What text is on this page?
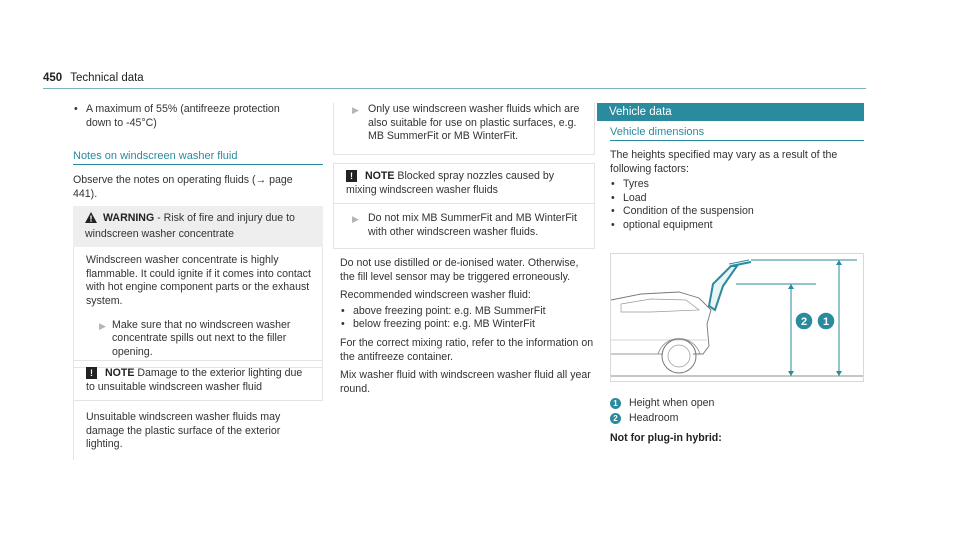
450 Technical data
• A maximum of 55% (antifreeze protection down to -45°C)
Notes on windscreen washer fluid

Observe the notes on operating fluids (→ page 441).

WARNING - Risk of fire and injury due to windscreen washer concentrate

Windscreen washer concentrate is highly flammable. It could ignite if it comes into contact with hot engine component parts or the exhaust system.

▶ Make sure that no windscreen washer concentrate spills out next to the filler opening.
! NOTE Damage to the exterior lighting due to unsuitable windscreen washer fluid

Unsuitable windscreen washer fluids may damage the plastic surface of the exterior lighting.

▶ Only use windscreen washer fluids which are also suitable for use on plastic surfaces, e.g. MB SummerFit or MB WinterFit.
! NOTE Blocked spray nozzles caused by mixing windscreen washer fluids
▶ Do not mix MB SummerFit and MB WinterFit with other windscreen washer fluids.

Do not use distilled or de-ionised water. Otherwise, the fill level sensor may be triggered erroneously.

Recommended windscreen washer fluid:

• above freezing point: e.g. MB SummerFit
• below freezing point: e.g. MB WinterFit

For the correct mixing ratio, refer to the information on the antifreeze container.

Mix washer fluid with windscreen washer fluid all year round.

Vehicle data
Vehicle dimensions

The heights specified may vary as a result of the following factors:

• Tyres
• Load
• Condition of the suspension
• optional equipment
2 1
1 Height when open
2 Headroom

Not for plug-in hybrid:
